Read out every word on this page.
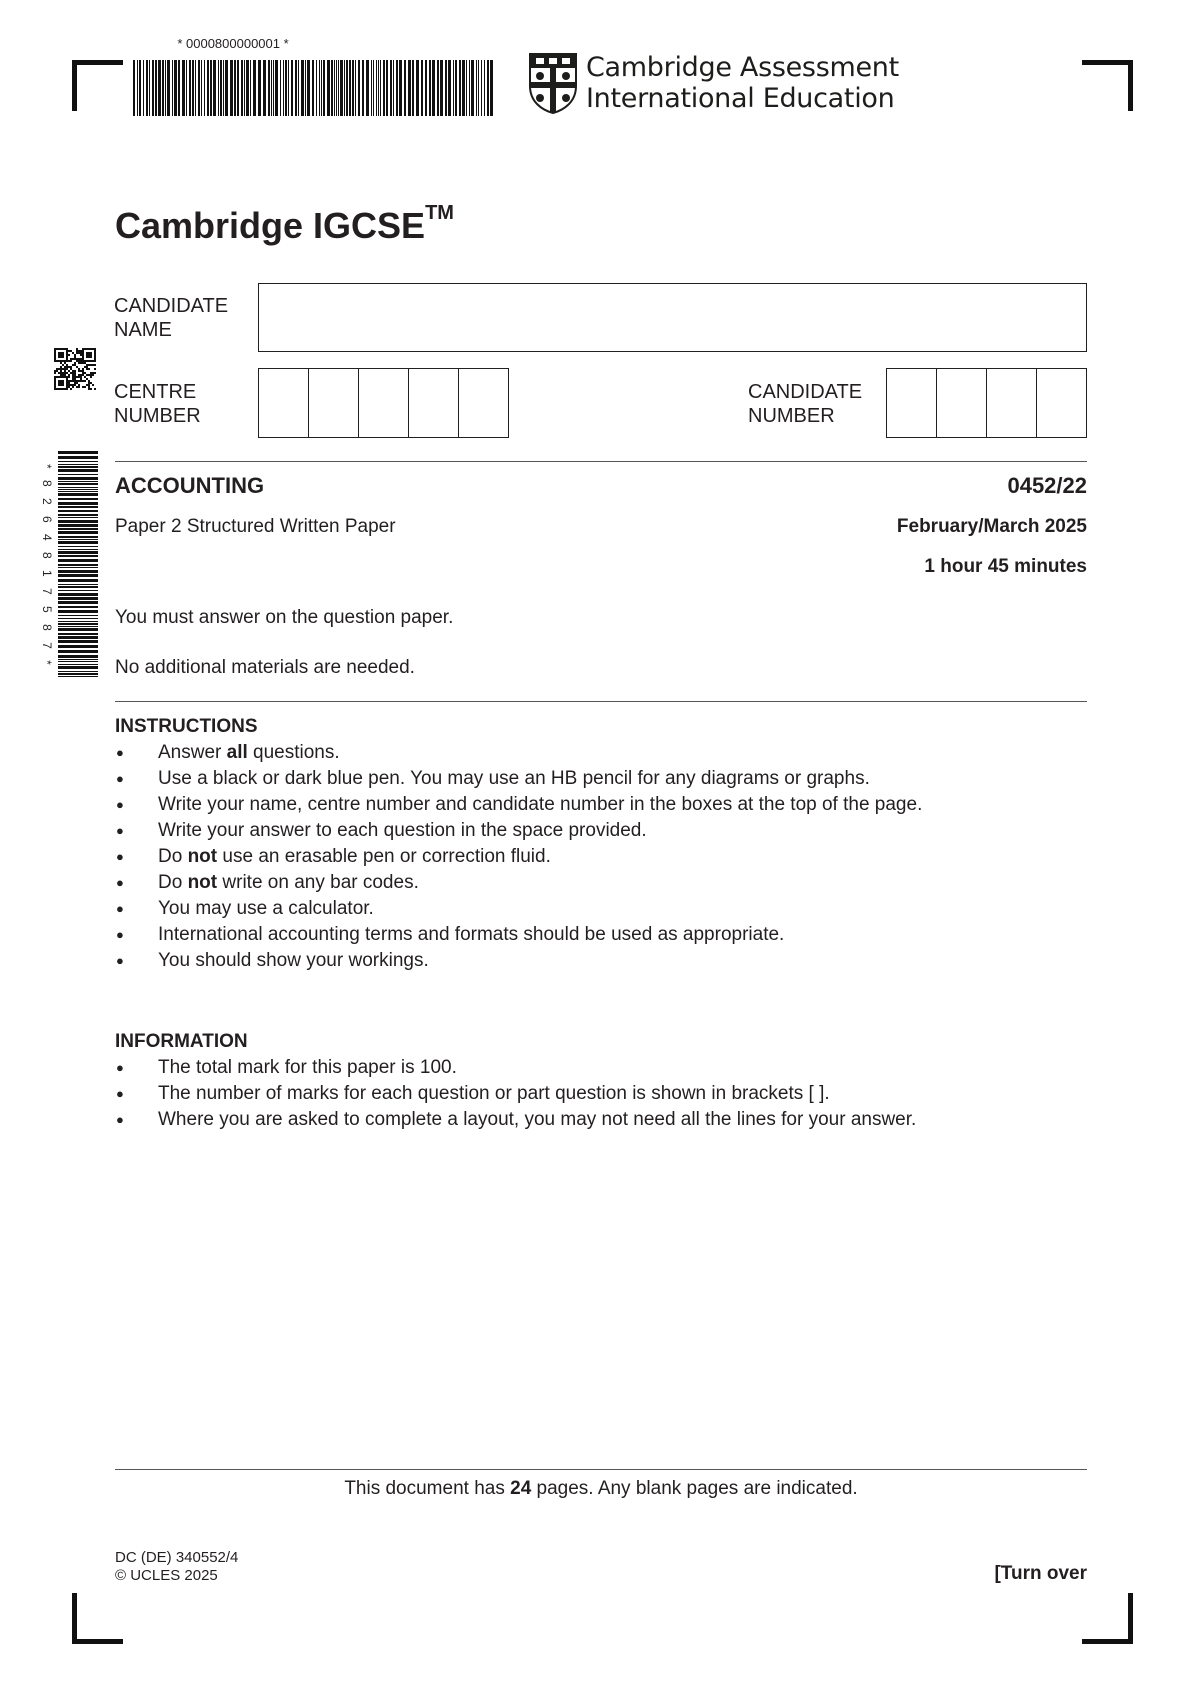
* 0000800000001 *
Cambridge Assessment
International Education
Cambridge IGCSE™
CANDIDATE
NAME
CENTRE
NUMBER
CANDIDATE
NUMBER
* 8 2 6 4 8 1 7 5 8 7 *	ACCOUNTING	0452/22
Paper 2 Structured Written Paper	February/March 2025
1 hour 45 minutes
You must answer on the question paper.
No additional materials are needed.
INSTRUCTIONS
● Answer all questions.
● Use a black or dark blue pen. You may use an HB pencil for any diagrams or graphs.
● Write your name, centre number and candidate number in the boxes at the top of the page.
● Write your answer to each question in the space provided.
● Do not use an erasable pen or correction fluid.
● Do not write on any bar codes.
● You may use a calculator.
● International accounting terms and formats should be used as appropriate.
● You should show your workings.
INFORMATION
● The total mark for this paper is 100.
● The number of marks for each question or part question is shown in brackets [ ].
● Where you are asked to complete a layout, you may not need all the lines for your answer.
This document has 24 pages. Any blank pages are indicated.
DC (DE) 340552/4
© UCLES 2025	[Turn over
